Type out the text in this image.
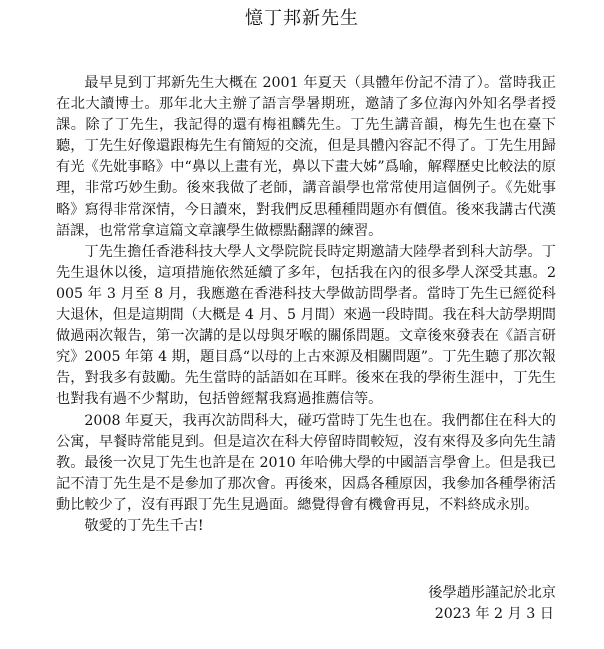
憶丁邦新先生

最早見到丁邦新先生大概在 2001 年夏天（具體年份記不清了）。當時我正在北大讀博士。那年北大主辦了語言學暑期班，邀請了多位海內外知名學者授課。除了丁先生，我記得的還有梅祖麟先生。丁先生講音韻，梅先生也在臺下聽，丁先生好像還跟梅先生有簡短的交流，但是具體內容記不得了。丁先生用歸有光《先妣事略》中“鼻以上畫有光，鼻以下畫大姊”爲喻，解釋歷史比較法的原理，非常巧妙生動。後來我做了老師，講音韻學也常常使用這個例子。《先妣事略》寫得非常深情，今日讀來，對我們反思種種問題亦有價值。後來我講古代漢語課，也常常拿這篇文章讓學生做標點翻譯的練習。

丁先生擔任香港科技大學人文學院院長時定期邀請大陸學者到科大訪學。丁先生退休以後，這項措施依然延續了多年，包括我在內的很多學人深受其惠。2005 年 3 月至 8 月，我應邀在香港科技大學做訪問學者。當時丁先生已經從科大退休，但是這期間（大概是 4 月、5 月間）來過一段時間。我在科大訪學期間做過兩次報告，第一次講的是以母與牙喉的關係問題。文章後來發表在《語言研究》2005 年第 4 期，題目爲“以母的上古來源及相關問題”。丁先生聽了那次報告，對我多有鼓勵。先生當時的話語如在耳畔。後來在我的學術生涯中，丁先生也對我有過不少幫助，包括曾經幫我寫過推薦信等。

2008 年夏天，我再次訪問科大，碰巧當時丁先生也在。我們都住在科大的公寓，早餐時常能見到。但是這次在科大停留時間較短，沒有來得及多向先生請教。最後一次見丁先生也許是在 2010 年哈佛大學的中國語言學會上。但是我已記不清丁先生是不是參加了那次會。再後來，因爲各種原因，我參加各種學術活動比較少了，沒有再跟丁先生見過面。總覺得會有機會再見，不料終成永別。

敬愛的丁先生千古!

後學趙彤謹記於北京
2023 年 2 月 3 日
